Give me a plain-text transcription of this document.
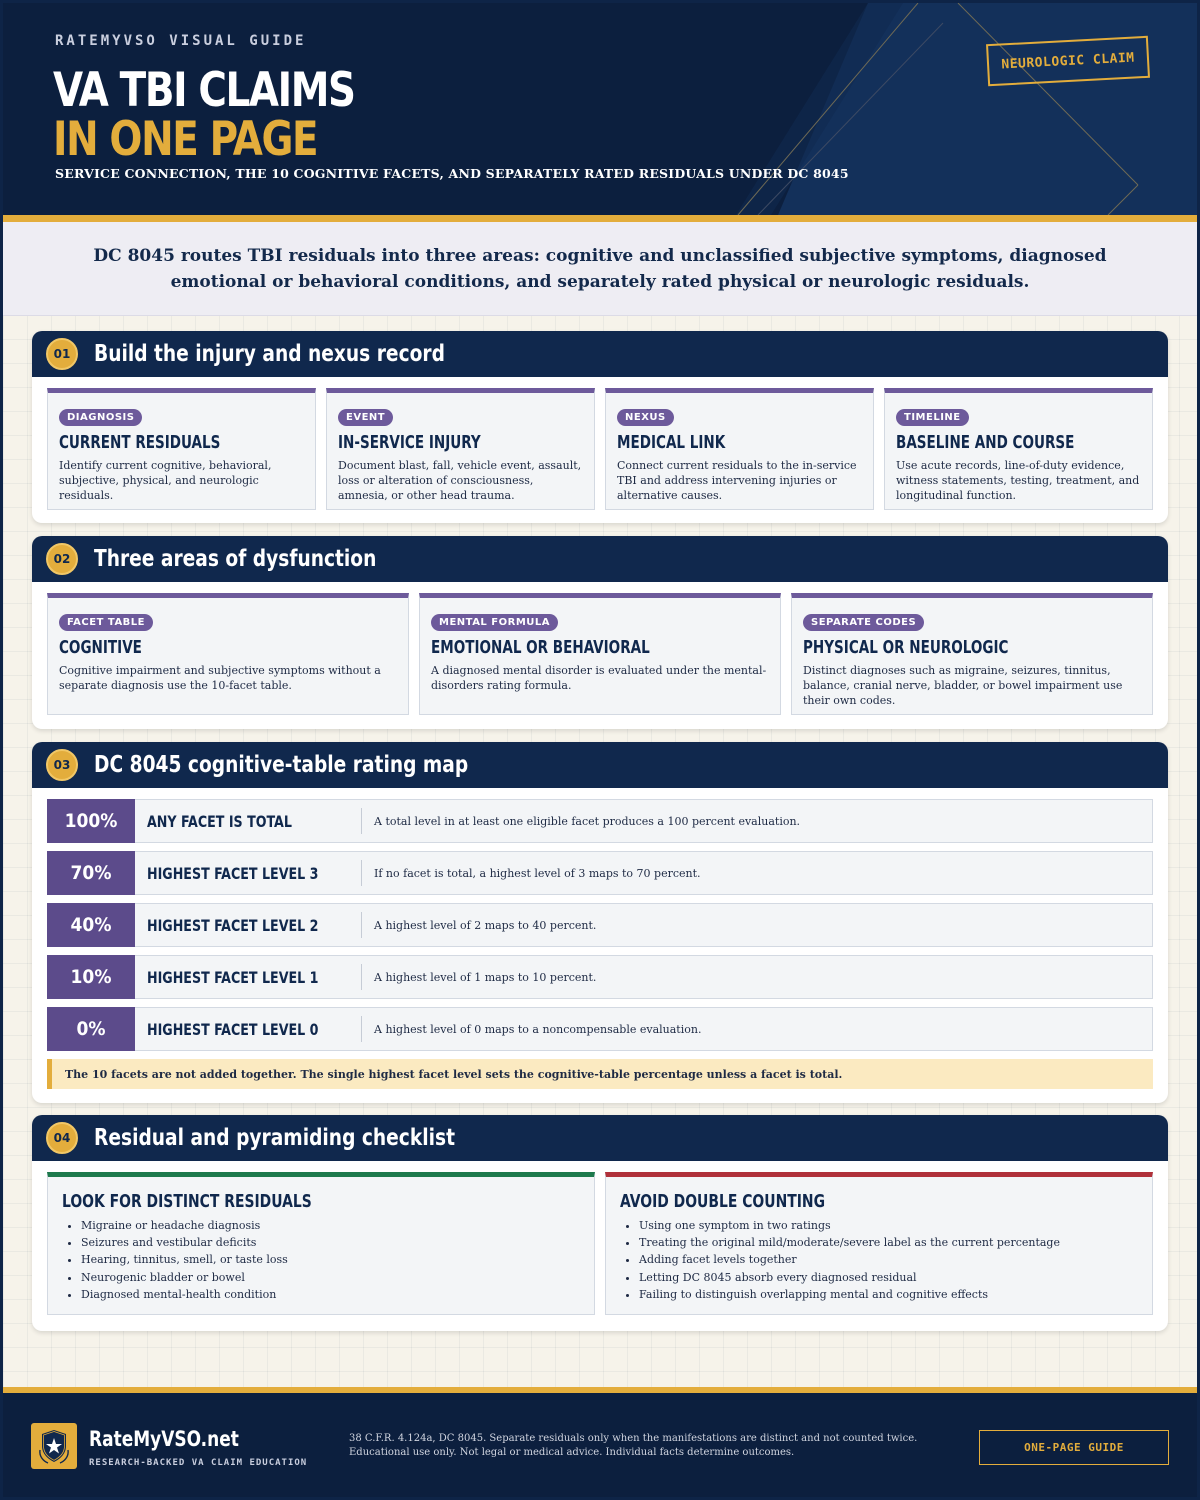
RATEMYVSO VISUAL GUIDE
VA TBI CLAIMS
IN ONE PAGE
SERVICE CONNECTION, THE 10 COGNITIVE FACETS, AND SEPARATELY RATED RESIDUALS UNDER DC 8045
NEUROLOGIC CLAIM

DC 8045 routes TBI residuals into three areas: cognitive and unclassified subjective symptoms, diagnosed emotional or behavioral conditions, and separately rated physical or neurologic residuals.

01	Build the injury and nexus record
DIAGNOSIS
CURRENT RESIDUALS
Identify current cognitive, behavioral, subjective, physical, and neurologic residuals.
EVENT
IN-SERVICE INJURY
Document blast, fall, vehicle event, assault, loss or alteration of consciousness, amnesia, or other head trauma.
NEXUS
MEDICAL LINK
Connect current residuals to the in-service TBI and address intervening injuries or alternative causes.
TIMELINE
BASELINE AND COURSE
Use acute records, line-of-duty evidence, witness statements, testing, treatment, and longitudinal function.
02	Three areas of dysfunction
FACET TABLE
COGNITIVE
Cognitive impairment and subjective symptoms without a separate diagnosis use the 10-facet table.
MENTAL FORMULA
EMOTIONAL OR BEHAVIORAL
A diagnosed mental disorder is evaluated under the mental-disorders rating formula.
SEPARATE CODES
PHYSICAL OR NEUROLOGIC
Distinct diagnoses such as migraine, seizures, tinnitus, balance, cranial nerve, bladder, or bowel impairment use their own codes.
03	DC 8045 cognitive-table rating map
100%	ANY FACET IS TOTAL	A total level in at least one eligible facet produces a 100 percent evaluation.
70%	HIGHEST FACET LEVEL 3	If no facet is total, a highest level of 3 maps to 70 percent.
40%	HIGHEST FACET LEVEL 2	A highest level of 2 maps to 40 percent.
10%	HIGHEST FACET LEVEL 1	A highest level of 1 maps to 10 percent.
0%	HIGHEST FACET LEVEL 0	A highest level of 0 maps to a noncompensable evaluation.
The 10 facets are not added together. The single highest facet level sets the cognitive-table percentage unless a facet is total.
04	Residual and pyramiding checklist
LOOK FOR DISTINCT RESIDUALS
• Migraine or headache diagnosis
• Seizures and vestibular deficits
• Hearing, tinnitus, smell, or taste loss
• Neurogenic bladder or bowel
• Diagnosed mental-health condition
AVOID DOUBLE COUNTING
• Using one symptom in two ratings
• Treating the original mild/moderate/severe label as the current percentage
• Adding facet levels together
• Letting DC 8045 absorb every diagnosed residual
• Failing to distinguish overlapping mental and cognitive effects
RateMyVSO.net
RESEARCH-BACKED VA CLAIM EDUCATION
38 C.F.R. 4.124a, DC 8045. Separate residuals only when the manifestations are distinct and not counted twice. Educational use only. Not legal or medical advice. Individual facts determine outcomes.	ONE-PAGE GUIDE
